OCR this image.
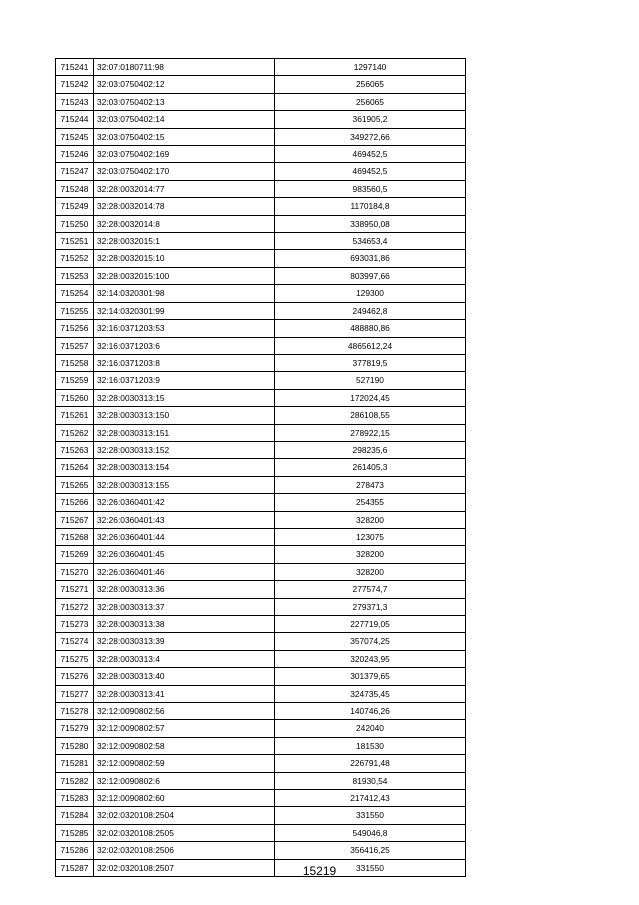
715241	32:07:0180711:98	1297140
715242	32:03:0750402:12	256065
715243	32:03:0750402:13	256065
715244	32:03:0750402:14	361905,2
715245	32:03:0750402:15	349272,66
715246	32:03:0750402:169	469452,5
715247	32:03:0750402:170	469452,5
715248	32:28:0032014:77	983560,5
715249	32:28:0032014:78	1170184,8
715250	32:28:0032014:8	338950,08
715251	32:28:0032015:1	534653,4
715252	32:28:0032015:10	693031,86
715253	32:28:0032015:100	803997,66
715254	32:14:0320301:98	129300
715255	32:14:0320301:99	249462,8
715256	32:16:0371203:53	488880,86
715257	32:16:0371203:6	4865612,24
715258	32:16:0371203:8	377819,5
715259	32:16:0371203:9	527190
715260	32:28:0030313:15	172024,45
715261	32:28:0030313:150	286108,55
715262	32:28:0030313:151	278922,15
715263	32:28:0030313:152	298235,6
715264	32:28:0030313:154	261405,3
715265	32:28:0030313:155	278473
715266	32:26:0360401:42	254355
715267	32:26:0360401:43	328200
715268	32:26:0360401:44	123075
715269	32:26:0360401:45	328200
715270	32:26:0360401:46	328200
715271	32:28:0030313:36	277574,7
715272	32:28:0030313:37	279371,3
715273	32:28:0030313:38	227719,05
715274	32:28:0030313:39	357074,25
715275	32:28:0030313:4	320243,95
715276	32:28:0030313:40	301379,65
715277	32:28:0030313:41	324735,45
715278	32:12:0090802:56	140746,26
715279	32:12:0090802:57	242040
715280	32:12:0090802:58	181530
715281	32:12:0090802:59	226791,48
715282	32:12:0090802:6	81930,54
715283	32:12:0090802:60	217412,43
715284	32:02:0320108:2504	331550
715285	32:02:0320108:2505	549046,8
715286	32:02:0320108:2506	356416,25
715287	32:02:0320108:2507	331550
15219
